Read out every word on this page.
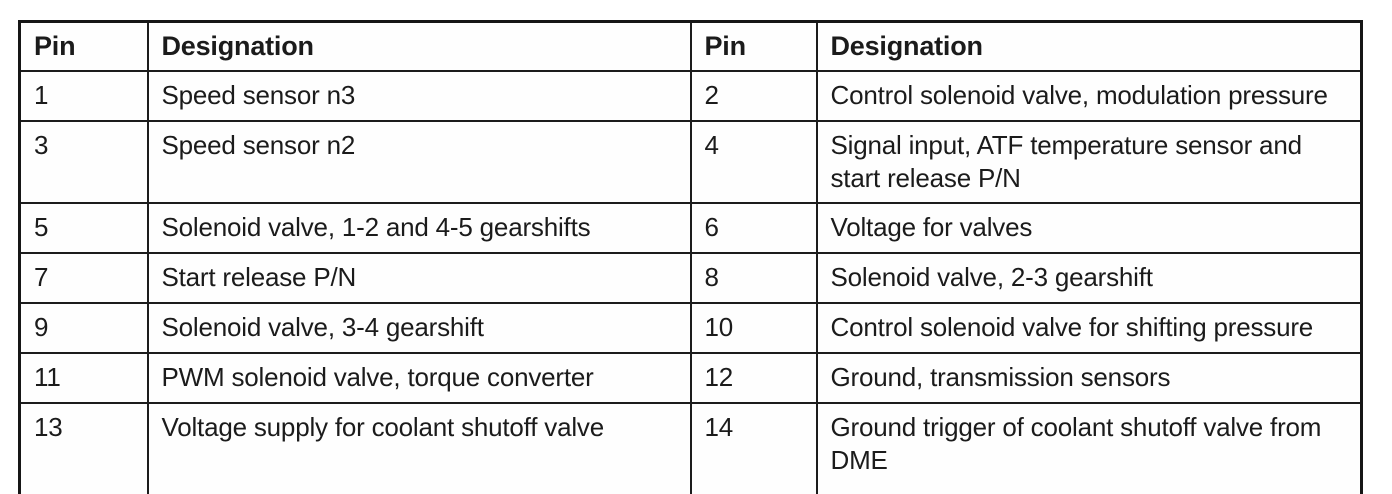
Pin	Designation	Pin	Designation
1	Speed sensor n3	2	Control solenoid valve, modulation pressure
3	Speed sensor n2	4	Signal input, ATF temperature sensor and start release P/N
5	Solenoid valve, 1-2 and 4-5 gearshifts	6	Voltage for valves
7	Start release P/N	8	Solenoid valve, 2-3 gearshift
9	Solenoid valve, 3-4 gearshift	10	Control solenoid valve for shifting pressure
11	PWM solenoid valve, torque converter	12	Ground, transmission sensors
13	Voltage supply for coolant shutoff valve	14	Ground trigger of coolant shutoff valve from DME
